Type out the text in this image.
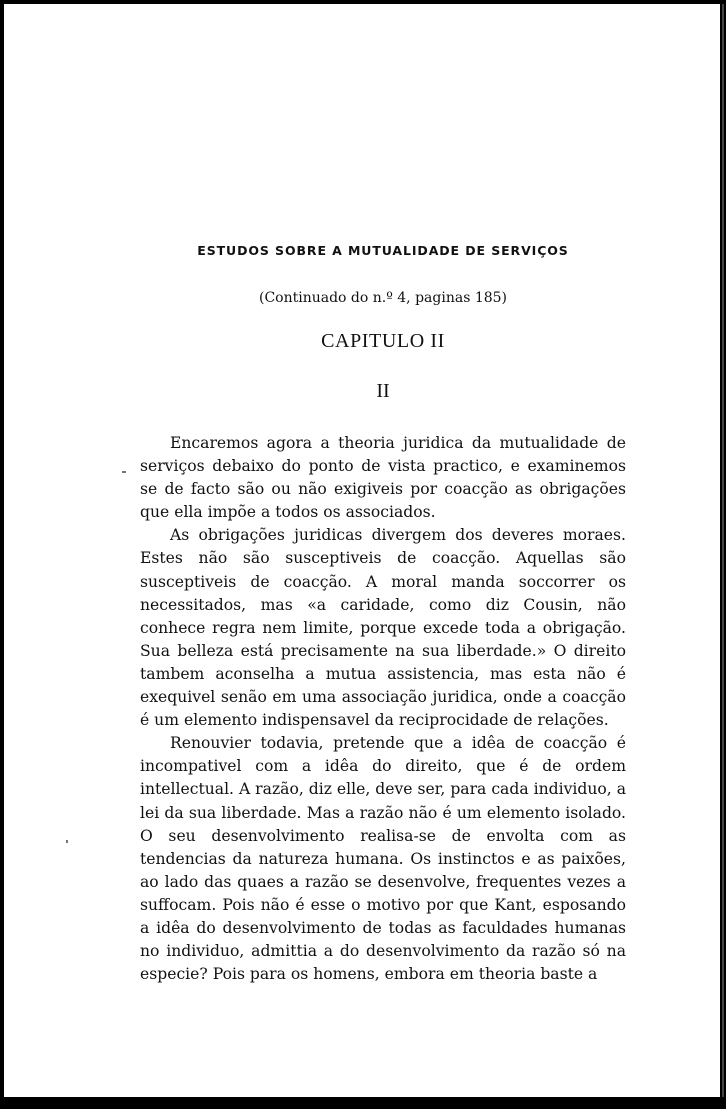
ESTUDOS SOBRE A MUTUALIDADE DE SERVIÇOS
(Continuado do n.º 4, paginas 185)
CAPITULO II
II

Encaremos agora a theoria juridica da mutualidade de serviços debaixo do ponto de vista practico, e examinemos se de facto são ou não exigiveis por coacção as obrigações que ella impõe a todos os associados.

As obrigações juridicas divergem dos deveres moraes. Estes não são susceptiveis de coacção. Aquellas são susceptiveis de coacção. A moral manda soccorrer os necessitados, mas «a caridade, como diz Cousin, não conhece regra nem limite, porque excede toda a obrigação. Sua belleza está precisamente na sua liberdade.» O direito tambem aconselha a mutua assistencia, mas esta não é exequivel senão em uma associação juridica, onde a coacção é um elemento indispensavel da reciprocidade de relações.

Renouvier todavia, pretende que a idêa de coacção é incompativel com a idêa do direito, que é de ordem intellectual. A razão, diz elle, deve ser, para cada individuo, a lei da sua liberdade. Mas a razão não é um elemento isolado. O seu desenvolvimento realisa-se de envolta com as tendencias da natureza humana. Os instinctos e as paixões, ao lado das quaes a razão se desenvolve, frequentes vezes a suffocam. Pois não é esse o motivo por que Kant, esposando a idêa do desenvolvimento de todas as faculdades humanas no individuo, admittia a do desenvolvimento da razão só na especie? Pois para os homens, embora em theoria baste a
